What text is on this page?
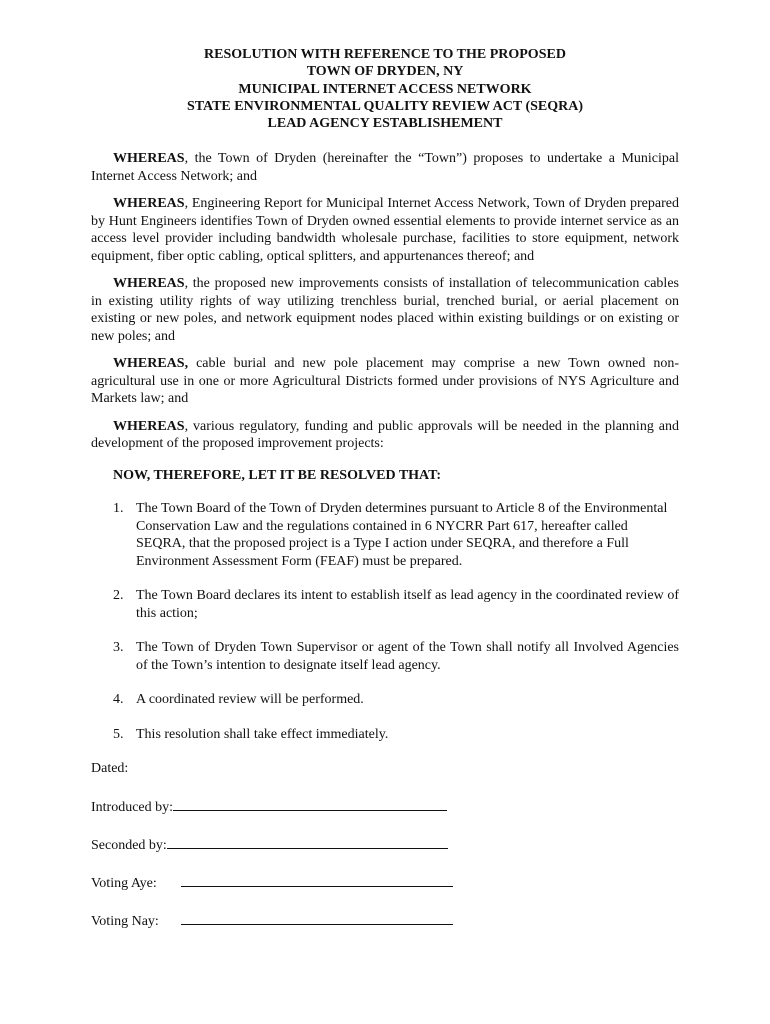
RESOLUTION WITH REFERENCE TO THE PROPOSED
TOWN OF DRYDEN, NY
MUNICIPAL INTERNET ACCESS NETWORK
STATE ENVIRONMENTAL QUALITY REVIEW ACT (SEQRA)
LEAD AGENCY ESTABLISHEMENT

WHEREAS, the Town of Dryden (hereinafter the “Town”) proposes to undertake a Municipal Internet Access Network; and

WHEREAS, Engineering Report for Municipal Internet Access Network, Town of Dryden prepared by Hunt Engineers identifies Town of Dryden owned essential elements to provide internet service as an access level provider including bandwidth wholesale purchase, facilities to store equipment, network equipment, fiber optic cabling, optical splitters, and appurtenances thereof; and

WHEREAS, the proposed new improvements consists of installation of telecommunication cables in existing utility rights of way utilizing trenchless burial, trenched burial, or aerial placement on existing or new poles, and network equipment nodes placed within existing buildings or on existing or new poles; and

WHEREAS, cable burial and new pole placement may comprise a new Town owned non-agricultural use in one or more Agricultural Districts formed under provisions of NYS Agriculture and Markets law; and

WHEREAS, various regulatory, funding and public approvals will be needed in the planning and development of the proposed improvement projects:

NOW, THEREFORE, LET IT BE RESOLVED THAT:
1. The Town Board of the Town of Dryden determines pursuant to Article 8 of the Environmental Conservation Law and the regulations contained in 6 NYCRR Part 617, hereafter called SEQRA, that the proposed project is a Type I action under SEQRA, and therefore a Full Environment Assessment Form (FEAF) must be prepared.
2. The Town Board declares its intent to establish itself as lead agency in the coordinated review of this action;
3. The Town of Dryden Town Supervisor or agent of the Town shall notify all Involved Agencies of the Town’s intention to designate itself lead agency.
4. A coordinated review will be performed.
5. This resolution shall take effect immediately.
Dated:
Introduced by:
Seconded by:
Voting Aye:
Voting Nay:
